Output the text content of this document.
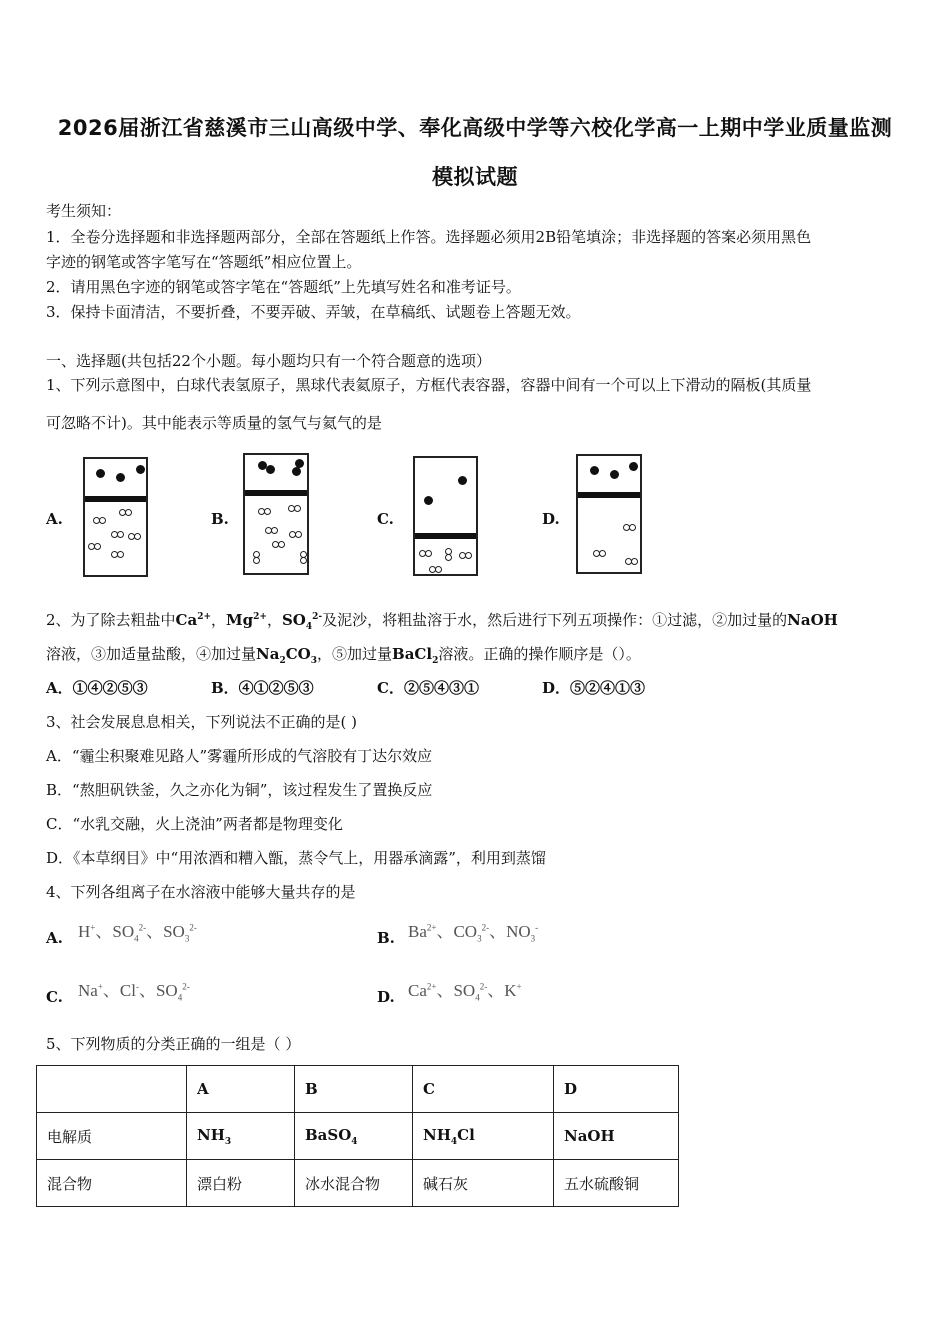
2026届浙江省慈溪市三山高级中学、奉化高级中学等六校化学高一上期中学业质量监测
模拟试题
考生须知：
1．全卷分选择题和非选择题两部分，全部在答题纸上作答。选择题必须用2B铅笔填涂；非选择题的答案必须用黑色
字迹的钢笔或答字笔写在“答题纸”相应位置上。
2．请用黑色字迹的钢笔或答字笔在“答题纸”上先填写姓名和准考证号。
3．保持卡面清洁，不要折叠，不要弄破、弄皱，在草稿纸、试题卷上答题无效。
一、选择题(共包括22个小题。每小题均只有一个符合题意的选项）
1、下列示意图中，白球代表氢原子，黑球代表氦原子，方框代表容器，容器中间有一个可以上下滑动的隔板(其质量
可忽略不计)。其中能表示等质量的氢气与氦气的是
A.	B.	C.	D.
2、为了除去粗盐中$Ca^{2+}$，$Mg^{2+}$，$SO_4^{2-}$及泥沙，将粗盐溶于水，然后进行下列五项操作：①过滤，②加过量的NaOH
溶液，③加适量盐酸，④加过量$Na_2CO_3$，⑤加过量BaCl$_2$溶液。正确的操作顺序是（）。
A．①④②⑤③	B．④①②⑤③	C．②⑤④③①	D．⑤②④①③
3、社会发展息息相关，下列说法不正确的是( )
A．“霾尘积聚难见路人”雾霾所形成的气溶胶有丁达尔效应
B．“熬胆矾铁釜，久之亦化为铜”，该过程发生了置换反应
C．“水乳交融，火上浇油”两者都是物理变化
D．《本草纲目》中“用浓酒和糟入甑，蒸令气上，用器承滴露”，利用到蒸馏
4、下列各组离子在水溶液中能够大量共存的是
A. H+、$SO_4^{2-}$、$SO_3^{2-}$
B. $Ba^{2+}$、$CO_3^{2-}$、$NO_3^-$
C. Na+、Cl-、$SO_4^{2-}$
D. $Ca^{2+}$、$SO_4^{2-}$、K+
5、下列物质的分类正确的一组是（ ）
	A	B	C	D
电解质	$NH_3$	BaSO$_4$	$NH_4Cl$	NaOH
混合物	漂白粉	冰水混合物	碱石灰	五水硫酸铜
